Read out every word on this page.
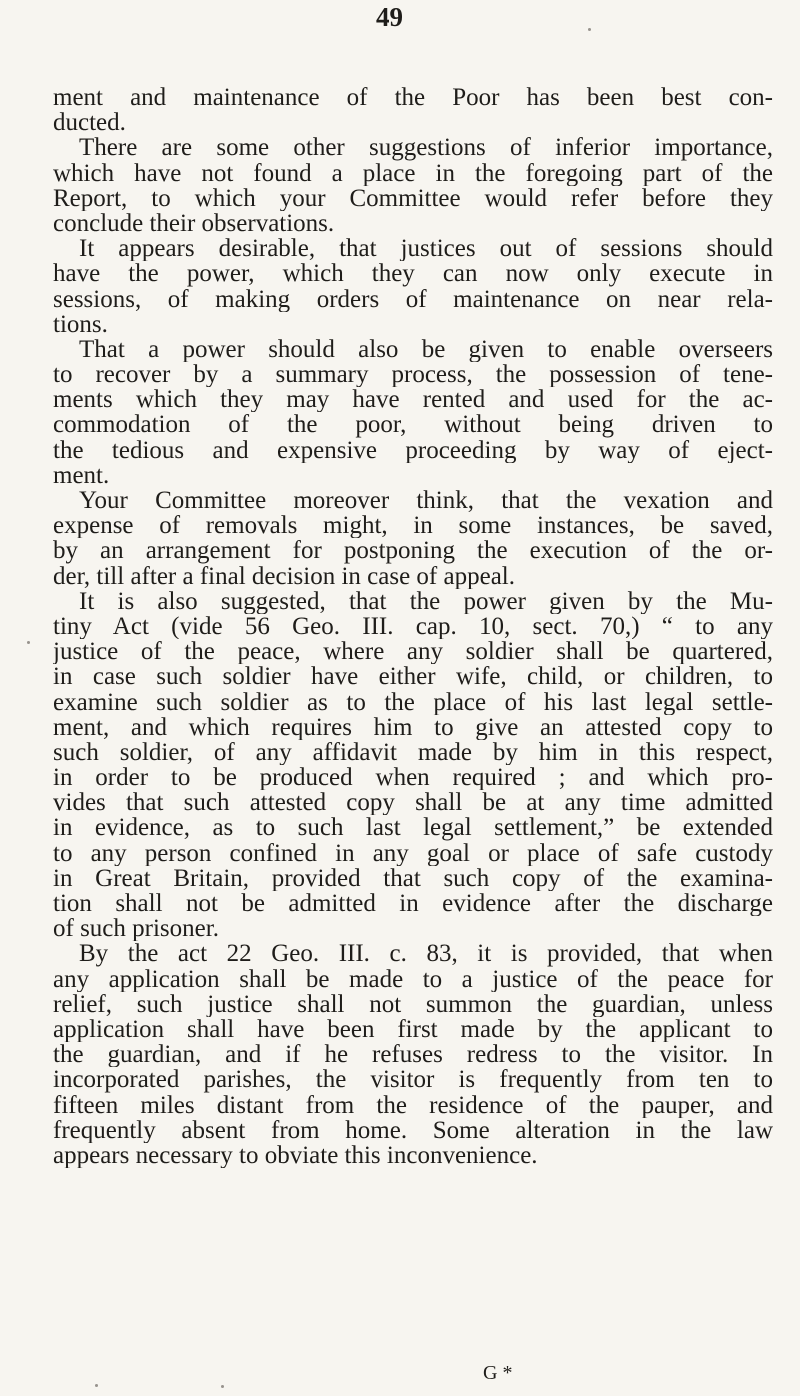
49
ment and maintenance of the Poor has been best con-
ducted.
There are some other suggestions of inferior importance,
which have not found a place in the foregoing part of the
Report, to which your Committee would refer before they
conclude their observations.
It appears desirable, that justices out of sessions should
have the power, which they can now only execute in
sessions, of making orders of maintenance on near rela-
tions.
That a power should also be given to enable overseers
to recover by a summary process, the possession of tene-
ments which they may have rented and used for the ac-
commodation of the poor, without being driven to
the tedious and expensive proceeding by way of eject-
ment.
Your Committee moreover think, that the vexation and
expense of removals might, in some instances, be saved,
by an arrangement for postponing the execution of the or-
der, till after a final decision in case of appeal.
It is also suggested, that the power given by the Mu-
tiny Act (vide 56 Geo. III. cap. 10, sect. 70,) “ to any
justice of the peace, where any soldier shall be quartered,
in case such soldier have either wife, child, or children, to
examine such soldier as to the place of his last legal settle-
ment, and which requires him to give an attested copy to
such soldier, of any affidavit made by him in this respect,
in order to be produced when required ; and which pro-
vides that such attested copy shall be at any time admitted
in evidence, as to such last legal settlement,” be extended
to any person confined in any goal or place of safe custody
in Great Britain, provided that such copy of the examina-
tion shall not be admitted in evidence after the discharge
of such prisoner.
By the act 22 Geo. III. c. 83, it is provided, that when
any application shall be made to a justice of the peace for
relief, such justice shall not summon the guardian, unless
application shall have been first made by the applicant to
the guardian, and if he refuses redress to the visitor. In
incorporated parishes, the visitor is frequently from ten to
fifteen miles distant from the residence of the pauper, and
frequently absent from home. Some alteration in the law
appears necessary to obviate this inconvenience.
G *
